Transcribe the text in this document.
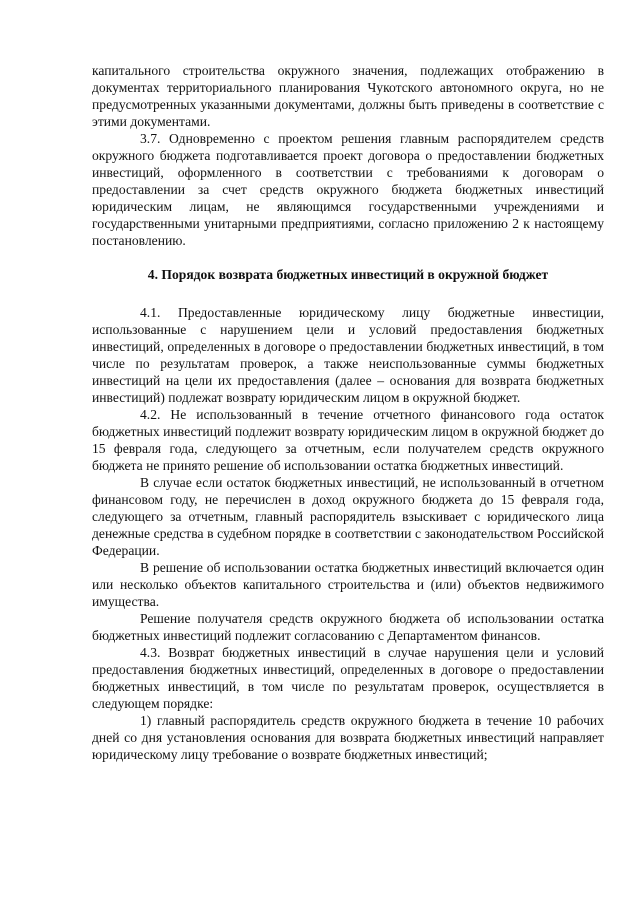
капитального строительства окружного значения, подлежащих отображению в документах территориального планирования Чукотского автономного округа, но не предусмотренных указанными документами, должны быть приведены в соответствие с этими документами.

3.7. Одновременно с проектом решения главным распорядителем средств окружного бюджета подготавливается проект договора о предоставлении бюджетных инвестиций, оформленного в соответствии с требованиями к договорам о предоставлении за счет средств окружного бюджета бюджетных инвестиций юридическим лицам, не являющимся государственными учреждениями и государственными унитарными предприятиями, согласно приложению 2 к настоящему постановлению.

4. Порядок возврата бюджетных инвестиций в окружной бюджет

4.1. Предоставленные юридическому лицу бюджетные инвестиции, использованные с нарушением цели и условий предоставления бюджетных инвестиций, определенных в договоре о предоставлении бюджетных инвестиций, в том числе по результатам проверок, а также неиспользованные суммы бюджетных инвестиций на цели их предоставления (далее – основания для возврата бюджетных инвестиций) подлежат возврату юридическим лицом в окружной бюджет.

4.2. Не использованный в течение отчетного финансового года остаток бюджетных инвестиций подлежит возврату юридическим лицом в окружной бюджет до 15 февраля года, следующего за отчетным, если получателем средств окружного бюджета не принято решение об использовании остатка бюджетных инвестиций.

В случае если остаток бюджетных инвестиций, не использованный в отчетном финансовом году, не перечислен в доход окружного бюджета до 15 февраля года, следующего за отчетным, главный распорядитель взыскивает с юридического лица денежные средства в судебном порядке в соответствии с законодательством Российской Федерации.

В решение об использовании остатка бюджетных инвестиций включается один или несколько объектов капитального строительства и (или) объектов недвижимого имущества.

Решение получателя средств окружного бюджета об использовании остатка бюджетных инвестиций подлежит согласованию с Департаментом финансов.

4.3. Возврат бюджетных инвестиций в случае нарушения цели и условий предоставления бюджетных инвестиций, определенных в договоре о предоставлении бюджетных инвестиций, в том числе по результатам проверок, осуществляется в следующем порядке:

1) главный распорядитель средств окружного бюджета в течение 10 рабочих дней со дня установления основания для возврата бюджетных инвестиций направляет юридическому лицу требование о возврате бюджетных инвестиций;
